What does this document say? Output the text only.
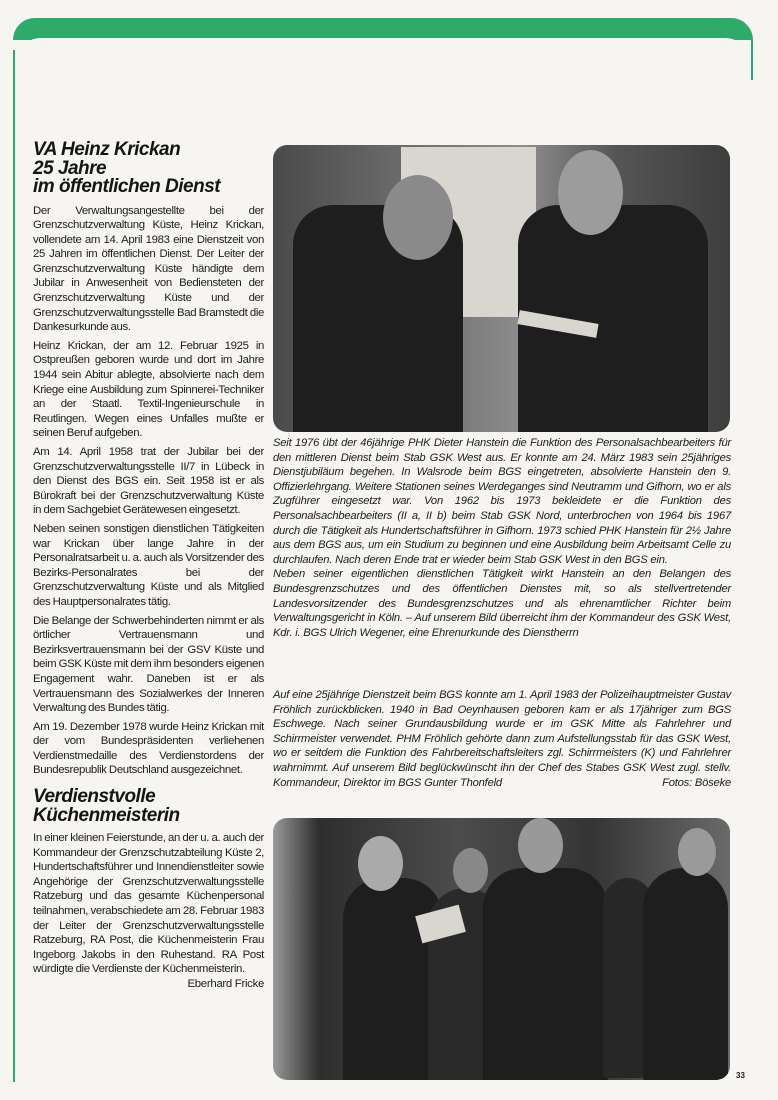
VA Heinz Krickan
25 Jahre
im öffentlichen Dienst

Der Verwaltungsangestellte bei der Grenzschutzverwaltung Küste, Heinz Krickan, vollendete am 14. April 1983 eine Dienstzeit von 25 Jahren im öffentlichen Dienst. Der Leiter der Grenzschutzverwaltung Küste händigte dem Jubilar in Anwesenheit von Bediensteten der Grenzschutzverwaltung Küste und der Grenzschutzverwaltungsstelle Bad Bramstedt die Dankesurkunde aus.

Heinz Krickan, der am 12. Februar 1925 in Ostpreußen geboren wurde und dort im Jahre 1944 sein Abitur ablegte, absolvierte nach dem Kriege eine Ausbildung zum Spinnerei-Techniker an der Staatl. Textil-Ingenieurschule in Reutlingen. Wegen eines Unfalles mußte er seinen Beruf aufgeben.

Am 14. April 1958 trat der Jubilar bei der Grenzschutzverwaltungsstelle II/7 in Lübeck in den Dienst des BGS ein. Seit 1958 ist er als Bürokraft bei der Grenzschutzverwaltung Küste in dem Sachgebiet Gerätewesen eingesetzt.

Neben seinen sonstigen dienstlichen Tätigkeiten war Krickan über lange Jahre in der Personalratsarbeit u. a. auch als Vorsitzender des Bezirks-Personalrates bei der Grenzschutzverwaltung Küste und als Mitglied des Hauptpersonalrates tätig.

Die Belange der Schwerbehinderten nimmt er als örtlicher Vertrauensmann und Bezirksvertrauensmann bei der GSV Küste und beim GSK Küste mit dem ihm besonders eigenen Engagement wahr. Daneben ist er als Vertrauensmann des Sozialwerkes der Inneren Verwaltung des Bundes tätig.

Am 19. Dezember 1978 wurde Heinz Krickan mit der vom Bundespräsidenten verliehenen Verdienstmedaille des Verdienstordens der Bundesrepublik Deutschland ausgezeichnet.

Verdienstvolle
Küchenmeisterin

In einer kleinen Feierstunde, an der u. a. auch der Kommandeur der Grenzschutzabteilung Küste 2, Hundertschaftsführer und Innendienstleiter sowie Angehörige der Grenzschutzverwaltungsstelle Ratzeburg und das gesamte Küchenpersonal teilnahmen, verabschiedete am 28. Februar 1983 der Leiter der Grenzschutzverwaltungsstelle Ratzeburg, RA Post, die Küchenmeisterin Frau Ingeborg Jakobs in den Ruhestand. RA Post würdigte die Verdienste der Küchenmeisterin.

Eberhard Fricke
Seit 1976 übt der 46jährige PHK Dieter Hanstein die Funktion des Personalsachbearbeiters für den mittleren Dienst beim Stab GSK West aus. Er konnte am 24. März 1983 sein 25jähriges Dienstjubiläum begehen. In Walsrode beim BGS eingetreten, absolvierte Hanstein den 9. Offizierlehrgang. Weitere Stationen seines Werdeganges sind Neutramm und Gifhorn, wo er als Zugführer eingesetzt war. Von 1962 bis 1973 bekleidete er die Funktion des Personalsachbearbeiters (II a, II b) beim Stab GSK Nord, unterbrochen von 1964 bis 1967 durch die Tätigkeit als Hundertschaftsführer in Gifhorn. 1973 schied PHK Hanstein für 2½ Jahre aus dem BGS aus, um ein Studium zu beginnen und eine Ausbildung beim Arbeitsamt Celle zu durchlaufen. Nach deren Ende trat er wieder beim Stab GSK West in den BGS ein.
Neben seiner eigentlichen dienstlichen Tätigkeit wirkt Hanstein an den Belangen des Bundesgrenzschutzes und des öffentlichen Dienstes mit, so als stellvertretender Landesvorsitzender des Bundesgrenzschutzes und als ehrenamtlicher Richter beim Verwaltungsgericht in Köln. – Auf unserem Bild überreicht ihm der Kommandeur des GSK West, Kdr. i. BGS Ulrich Wegener, eine Ehrenurkunde des Dienstherrn
Auf eine 25jährige Dienstzeit beim BGS konnte am 1. April 1983 der Polizeihauptmeister Gustav Fröhlich zurückblicken. 1940 in Bad Oeynhausen geboren kam er als 17jähriger zum BGS Eschwege. Nach seiner Grundausbildung wurde er im GSK Mitte als Fahrlehrer und Schirrmeister verwendet. PHM Fröhlich gehörte dann zum Aufstellungsstab für das GSK West, wo er seitdem die Funktion des Fahrbereitschaftsleiters zgl. Schirrmeisters (K) und Fahrlehrer wahrnimmt. Auf unserem Bild beglückwünscht ihn der Chef des Stabes GSK West zugl. stellv. Kommandeur, Direktor im BGS Gunter Thonfeld	Fotos: Böseke
33
